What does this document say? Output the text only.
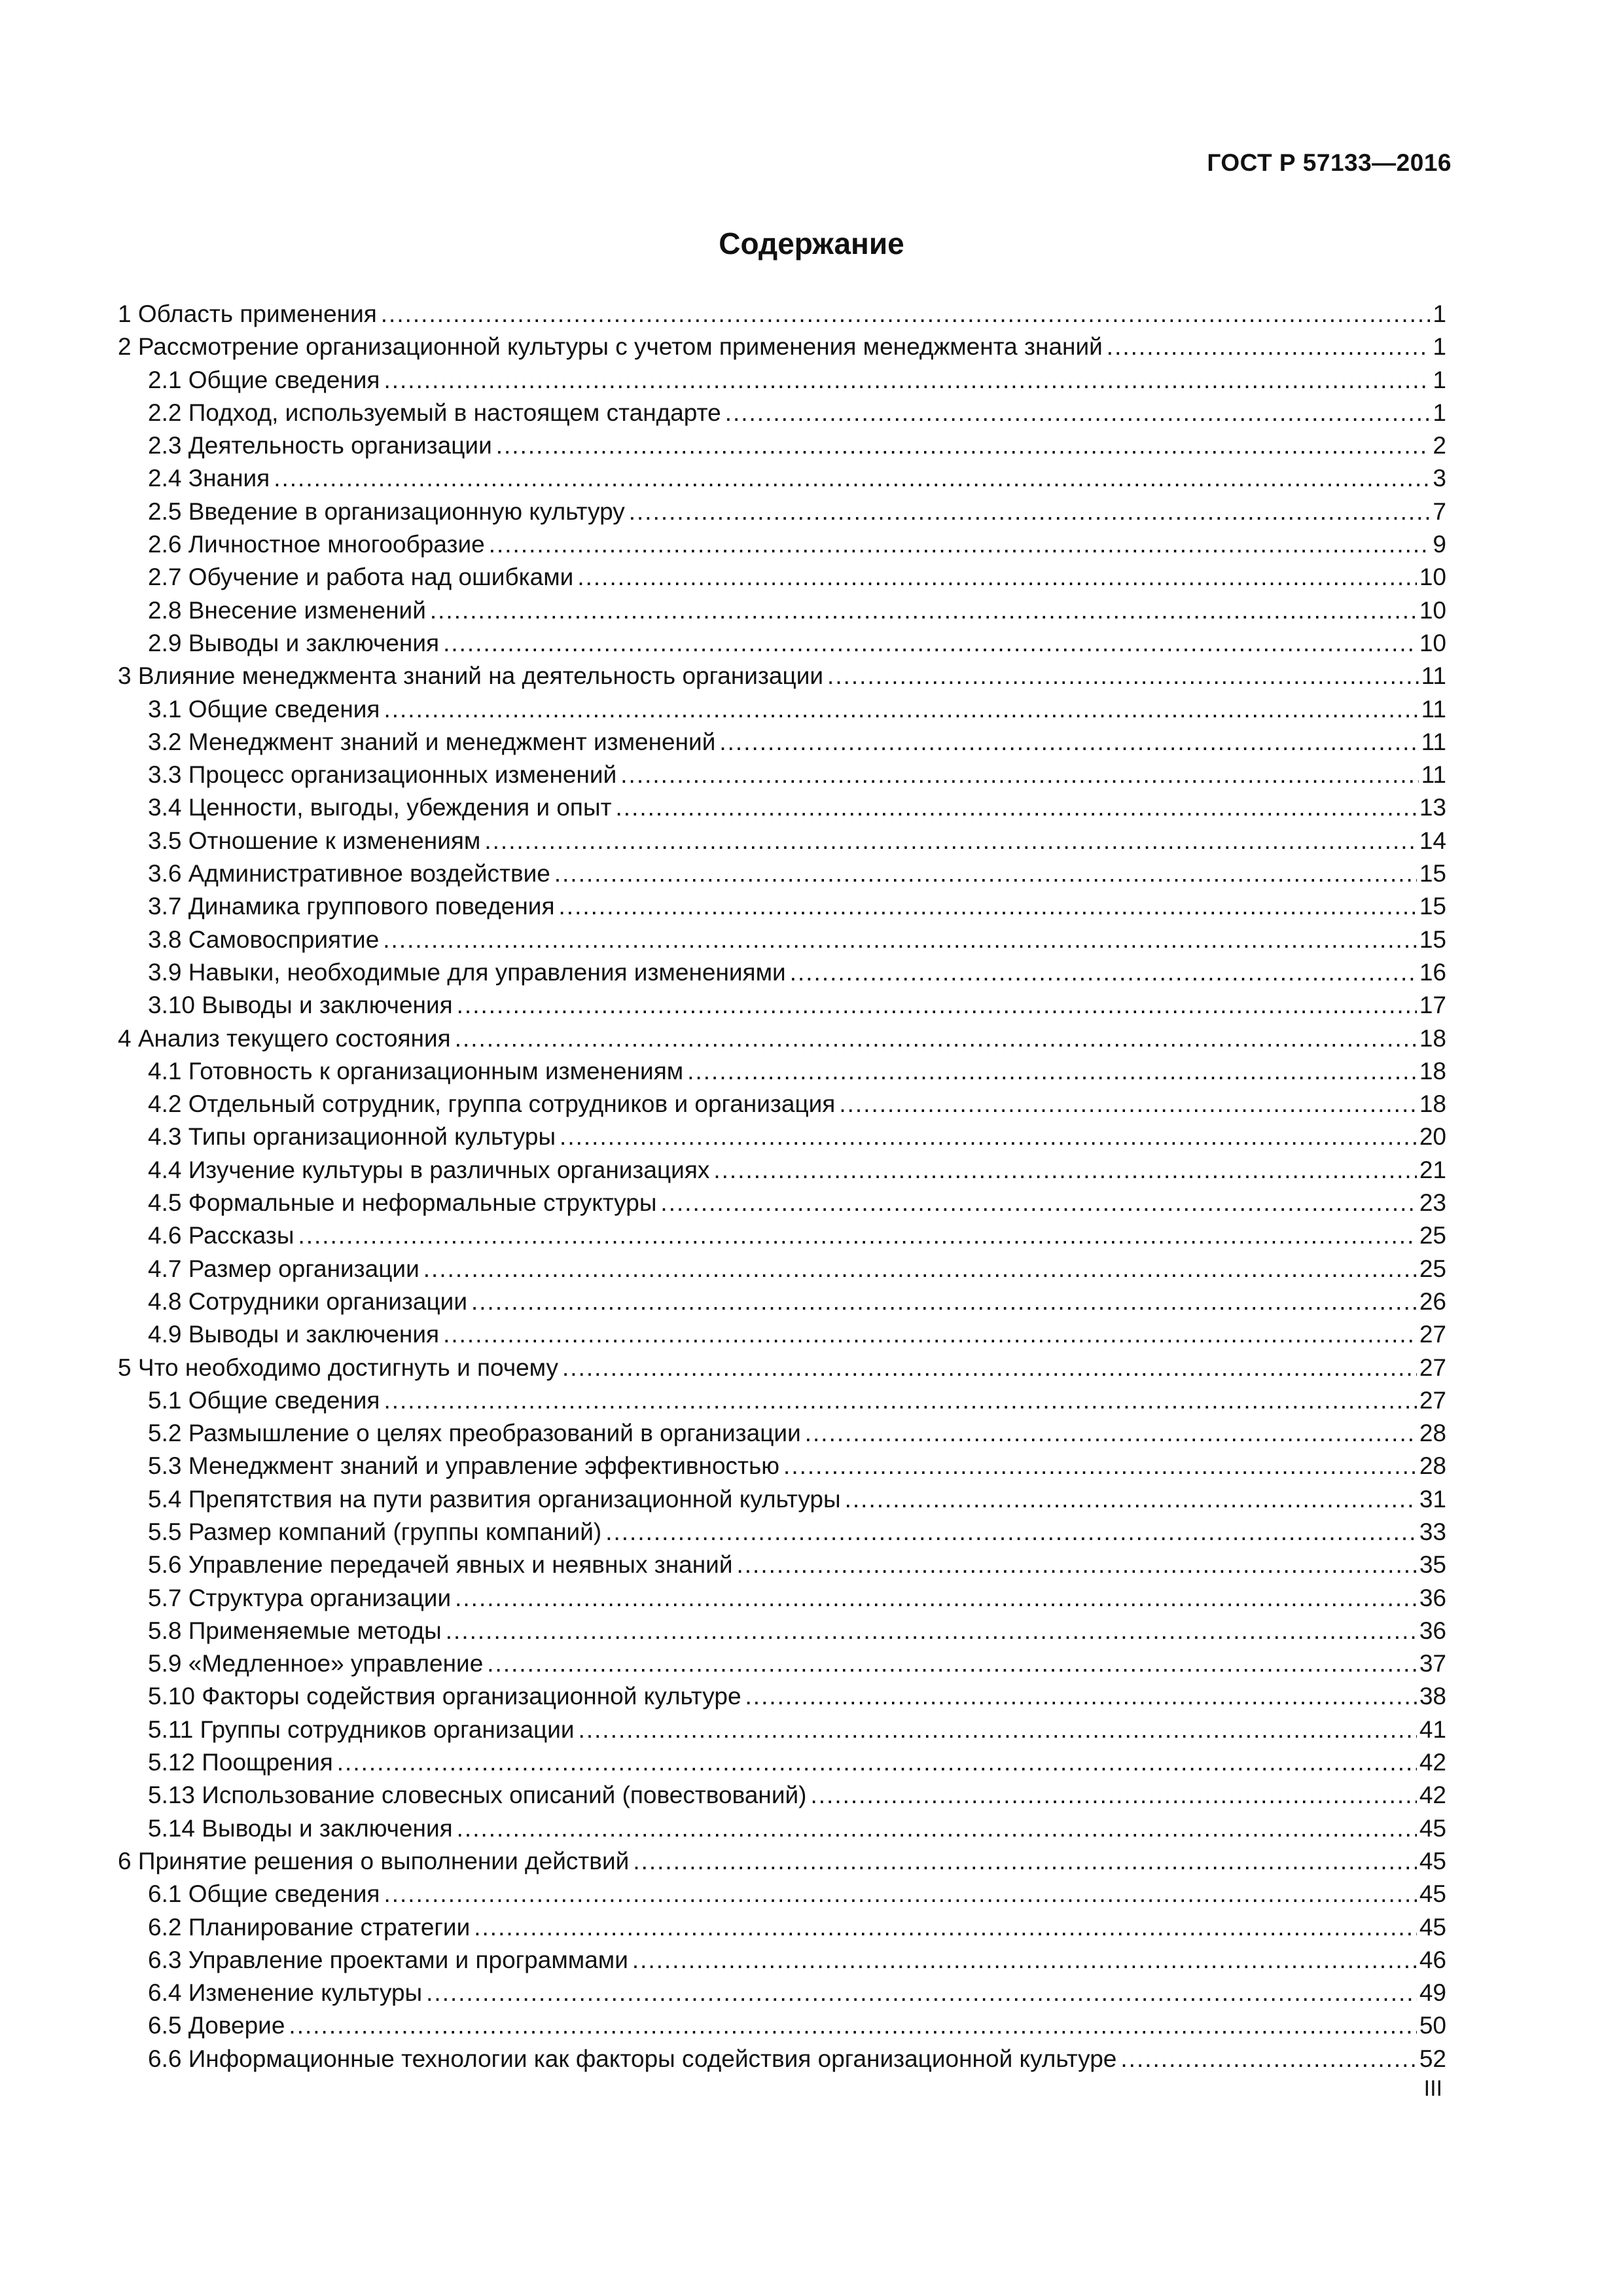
ГОСТ Р 57133—2016
Содержание
1 Область применения .....	1
2 Рассмотрение организационной культуры с учетом применения менеджмента знаний .....	1
2.1 Общие сведения .....	1
2.2 Подход, используемый в настоящем стандарте .....	1
2.3 Деятельность организации .....	2
2.4 Знания .....	3
2.5 Введение в организационную культуру .....	7
2.6 Личностное многообразие .....	9
2.7 Обучение и работа над ошибками .....	10
2.8 Внесение изменений .....	10
2.9 Выводы и заключения .....	10
3 Влияние менеджмента знаний на деятельность организации .....	11
3.1 Общие сведения .....	11
3.2 Менеджмент знаний и менеджмент изменений .....	11
3.3 Процесс организационных изменений .....	11
3.4 Ценности, выгоды, убеждения и опыт .....	13
3.5 Отношение к изменениям .....	14
3.6 Административное воздействие .....	15
3.7 Динамика группового поведения .....	15
3.8 Самовосприятие .....	15
3.9 Навыки, необходимые для управления изменениями .....	16
3.10 Выводы и заключения .....	17
4 Анализ текущего состояния .....	18
4.1 Готовность к организационным изменениям .....	18
4.2 Отдельный сотрудник, группа сотрудников и организация .....	18
4.3 Типы организационной культуры .....	20
4.4 Изучение культуры в различных организациях .....	21
4.5 Формальные и неформальные структуры .....	23
4.6 Рассказы .....	25
4.7 Размер организации .....	25
4.8 Сотрудники организации .....	26
4.9 Выводы и заключения .....	27
5 Что необходимо достигнуть и почему .....	27
5.1 Общие сведения .....	27
5.2 Размышление о целях преобразований в организации .....	28
5.3 Менеджмент знаний и управление эффективностью .....	28
5.4 Препятствия на пути развития организационной культуры .....	31
5.5 Размер компаний (группы компаний) .....	33
5.6 Управление передачей явных и неявных знаний .....	35
5.7 Структура организации .....	36
5.8 Применяемые методы .....	36
5.9 «Медленное» управление .....	37
5.10 Факторы содействия организационной культуре .....	38
5.11 Группы сотрудников организации .....	41
5.12 Поощрения .....	42
5.13 Использование словесных описаний (повествований) .....	42
5.14 Выводы и заключения .....	45
6 Принятие решения о выполнении действий .....	45
6.1 Общие сведения .....	45
6.2 Планирование стратегии .....	45
6.3 Управление проектами и программами .....	46
6.4 Изменение культуры .....	49
6.5 Доверие .....	50
6.6 Информационные технологии как факторы содействия организационной культуре .....	52
III
